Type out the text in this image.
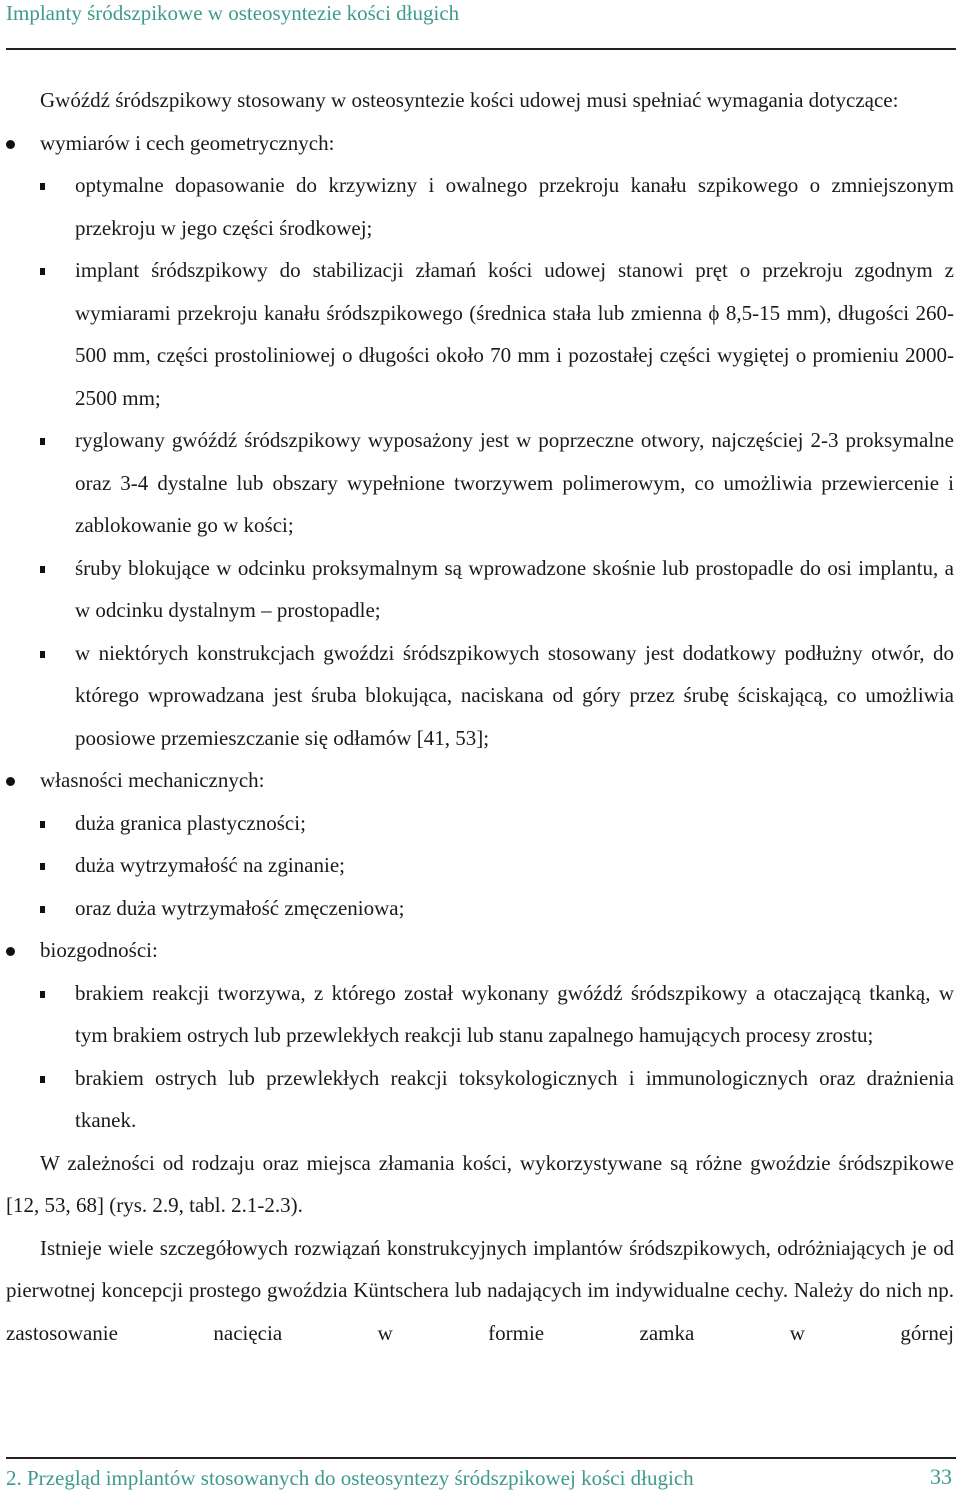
Implanty śródszpikowe w osteosyntezie kości długich

Gwóźdź śródszpikowy stosowany w osteosyntezie kości udowej musi spełniać wymagania dotyczące:

wymiarów i cech geometrycznych:
optymalne dopasowanie do krzywizny i owalnego przekroju kanału szpikowego o zmniejszonym przekroju w jego części środkowej;
implant śródszpikowy do stabilizacji złamań kości udowej stanowi pręt o przekroju zgodnym z wymiarami przekroju kanału śródszpikowego (średnica stała lub zmienna ϕ 8,5-15 mm), długości 260-500 mm, części prostoliniowej o długości około 70 mm i pozostałej części wygiętej o promieniu 2000-2500 mm;
ryglowany gwóźdź śródszpikowy wyposażony jest w poprzeczne otwory, najczęściej 2-3 proksymalne oraz 3-4 dystalne lub obszary wypełnione tworzywem polimerowym, co umożliwia przewiercenie i zablokowanie go w kości;
śruby blokujące w odcinku proksymalnym są wprowadzone skośnie lub prostopadle do osi implantu, a w odcinku dystalnym – prostopadle;
w niektórych konstrukcjach gwoździ śródszpikowych stosowany jest dodatkowy podłużny otwór, do którego wprowadzana jest śruba blokująca, naciskana od góry przez śrubę ściskającą, co umożliwia poosiowe przemieszczanie się odłamów [41, 53];
własności mechanicznych:
duża granica plastyczności;
duża wytrzymałość na zginanie;
oraz duża wytrzymałość zmęczeniowa;
biozgodności:
brakiem reakcji tworzywa, z którego został wykonany gwóźdź śródszpikowy a otaczającą tkanką, w tym brakiem ostrych lub przewlekłych reakcji lub stanu zapalnego hamujących procesy zrostu;
brakiem ostrych lub przewlekłych reakcji toksykologicznych i immunologicznych oraz drażnienia tkanek.

W zależności od rodzaju oraz miejsca złamania kości, wykorzystywane są różne gwoździe śródszpikowe [12, 53, 68] (rys. 2.9, tabl. 2.1-2.3).

Istnieje wiele szczegółowych rozwiązań konstrukcyjnych implantów śródszpikowych, odróżniających je od pierwotnej koncepcji prostego gwoździa Küntschera lub nadających im indywidualne cechy. Należy do nich np. zastosowanie nacięcia w formie zamka w górnej

2. Przegląd implantów stosowanych do osteosyntezy śródszpikowej kości długich	33
